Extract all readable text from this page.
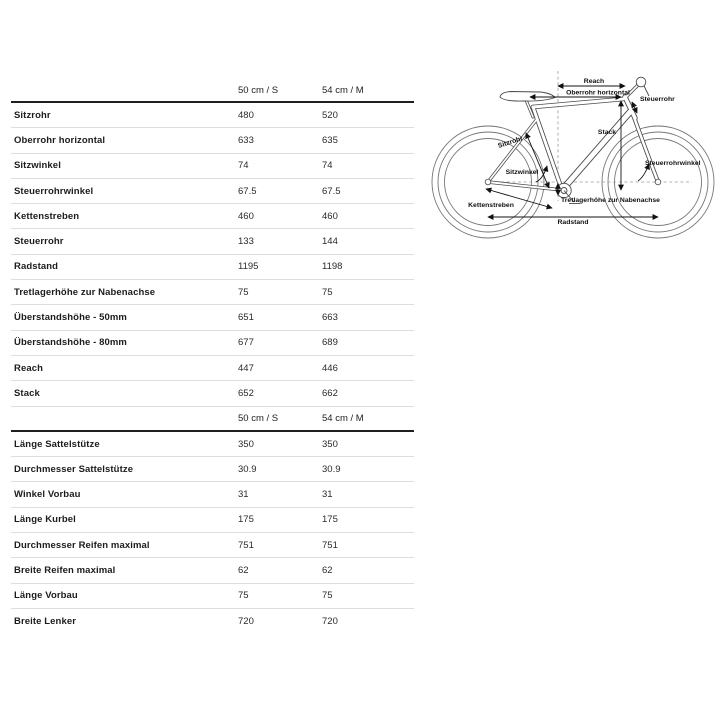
50 cm / S	54 cm / M
Sitzrohr	480	520
Oberrohr horizontal	633	635
Sitzwinkel	74	74
Steuerrohrwinkel	67.5	67.5
Kettenstreben	460	460
Steuerrohr	133	144
Radstand	1195	1198
Tretlagerhöhe zur Nabenachse	75	75
Überstandshöhe - 50mm	651	663
Überstandshöhe - 80mm	677	689
Reach	447	446
Stack	652	662
50 cm / S	54 cm / M
Länge Sattelstütze	350	350
Durchmesser Sattelstütze	30.9	30.9
Winkel Vorbau	31	31
Länge Kurbel	175	175
Durchmesser Reifen maximal	751	751
Breite Reifen maximal	62	62
Länge Vorbau	75	75
Breite Lenker	720	720
Reach
Oberrohr horizontal
Steuerrohr
Stack
Sitzrohr
Sitzwinkel
Steuerrohrwinkel
Kettenstreben
Tretlagerhöhe zur Nabenachse
Radstand
